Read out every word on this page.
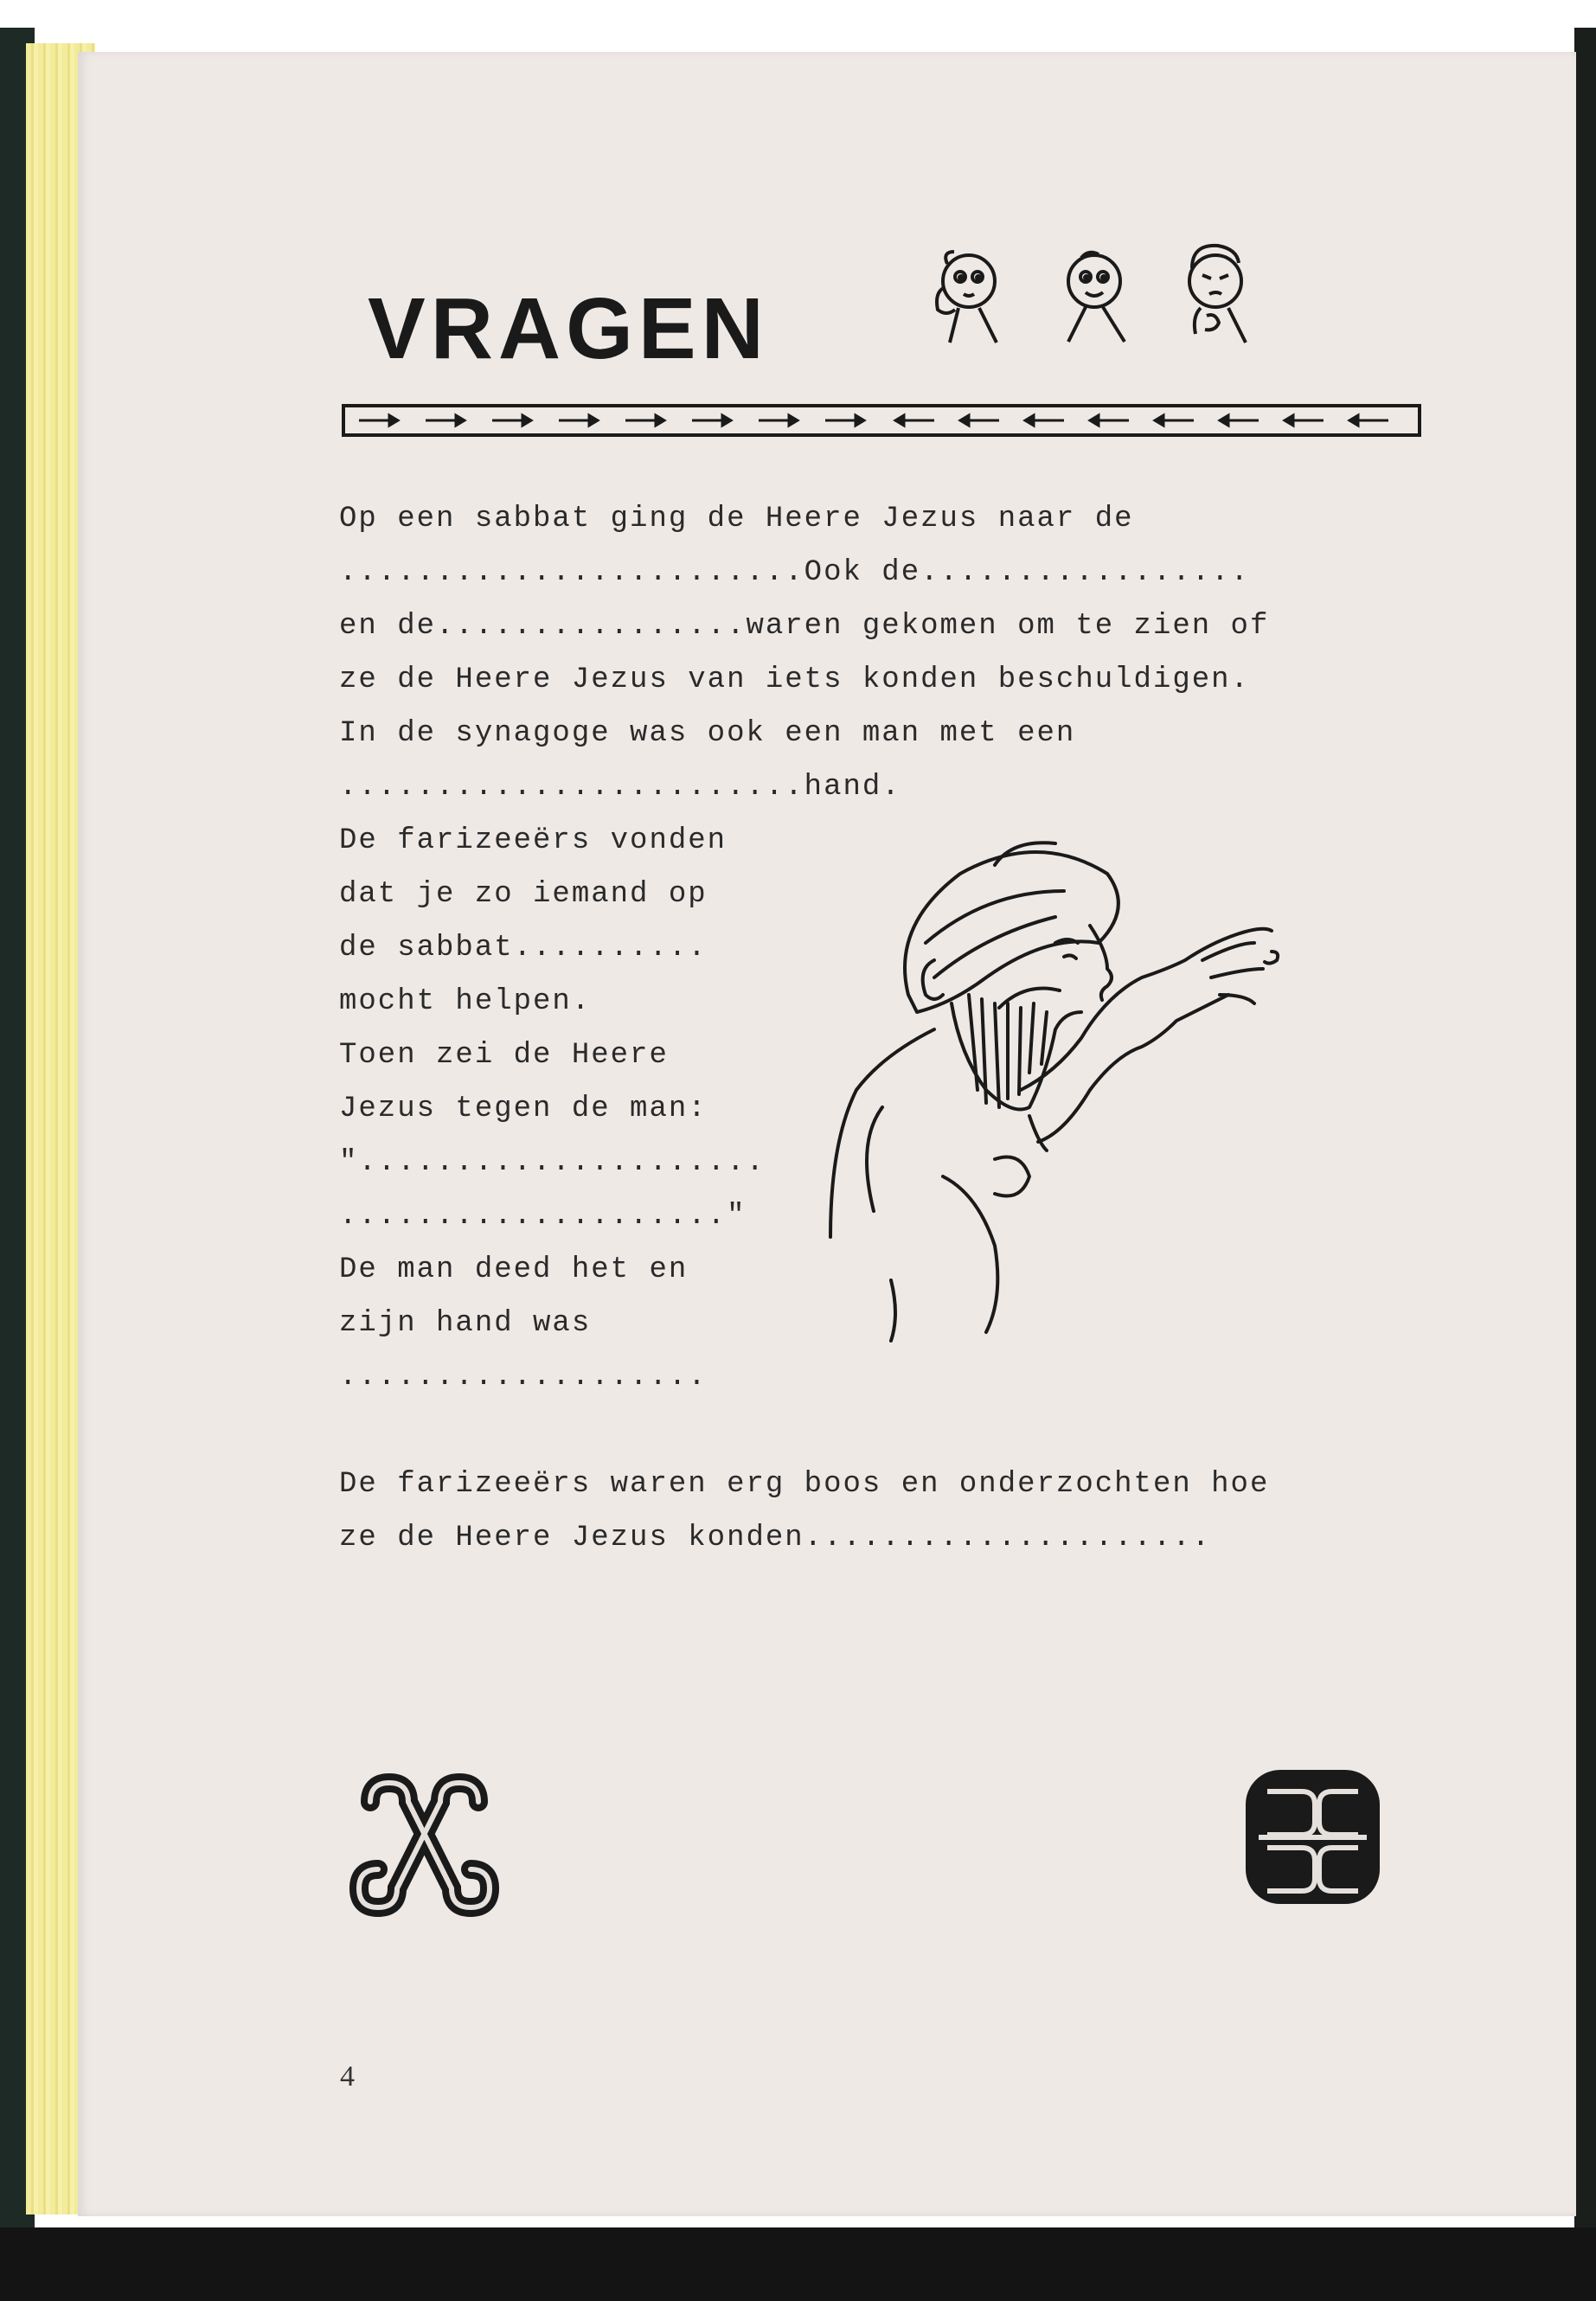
VRAGEN

Op een sabbat ging de Heere Jezus naar de

........................Ook de.................

en de................waren gekomen om te zien of

ze de Heere Jezus van iets konden beschuldigen.

In de synagoge was ook een man met een

........................hand.

De farizeeërs vonden

dat je zo iemand op

de sabbat..........

mocht helpen.

Toen zei de Heere

Jezus tegen de man:

".....................

...................."

De man deed het en

zijn hand was

...................

De farizeeërs waren erg boos en onderzochten hoe

ze de Heere Jezus konden.....................

4
